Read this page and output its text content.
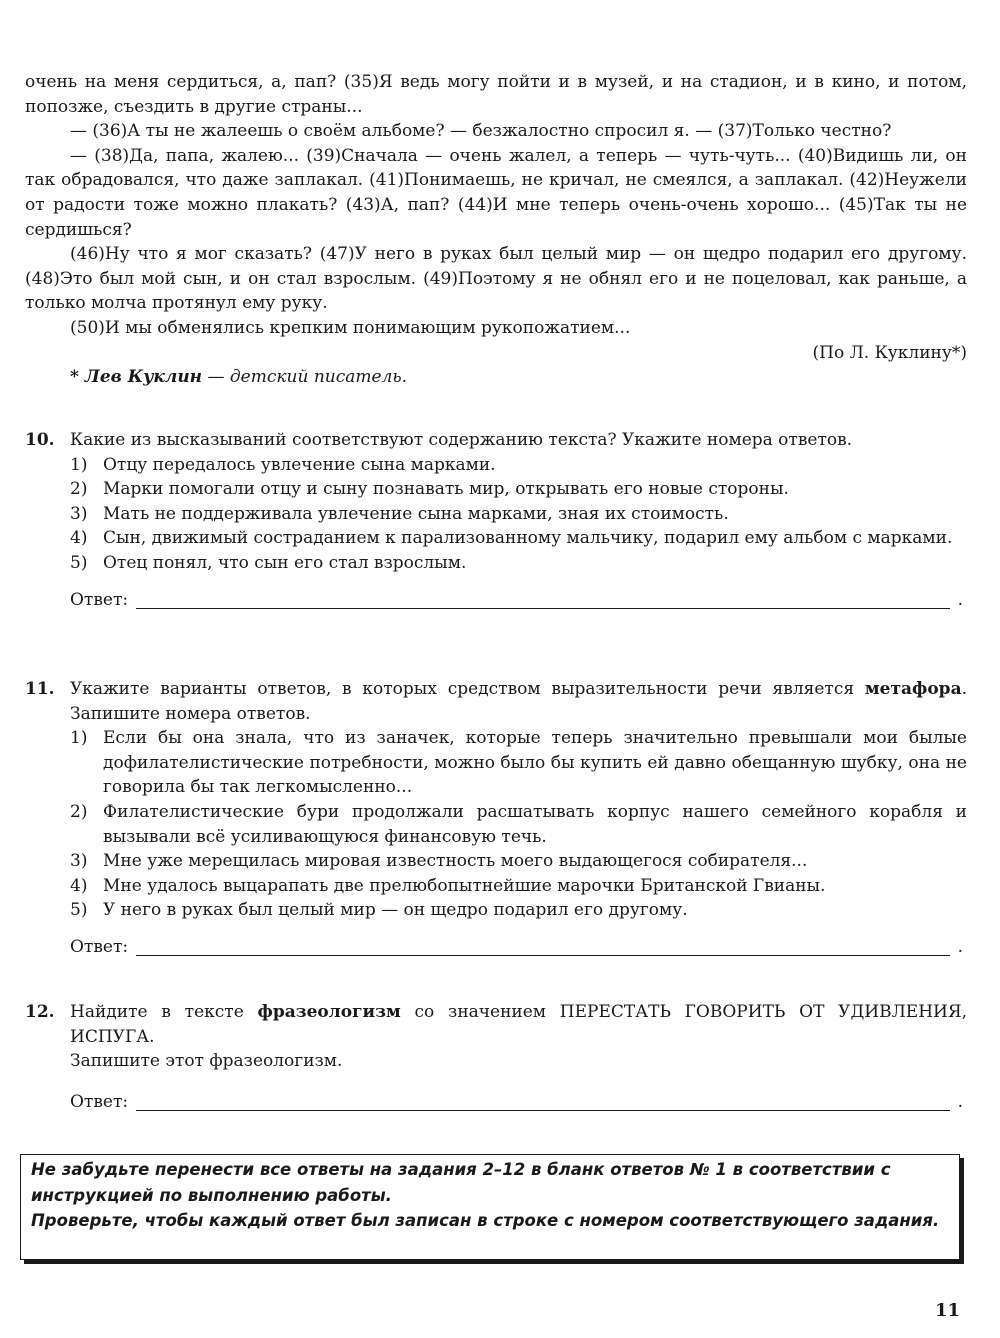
очень на меня сердиться, а, пап? (35)Я ведь могу пойти и в музей, и на стадион, и в кино, и потом, попозже, съездить в другие страны...

— (36)А ты не жалеешь о своём альбоме? — безжалостно спросил я. — (37)Только честно?

— (38)Да, папа, жалею... (39)Сначала — очень жалел, а теперь — чуть-чуть... (40)Видишь ли, он так обрадовался, что даже заплакал. (41)Понимаешь, не кричал, не смеялся, а заплакал. (42)Неужели от радости тоже можно плакать? (43)А, пап? (44)И мне теперь очень-очень хорошо... (45)Так ты не сердишься?

(46)Ну что я мог сказать? (47)У него в руках был целый мир — он щедро подарил его другому. (48)Это был мой сын, и он стал взрослым. (49)Поэтому я не обнял его и не поцеловал, как раньше, а только молча протянул ему руку.

(50)И мы обменялись крепким понимающим рукопожатием...

(По Л. Куклину*)

* Лев Куклин — детский писатель.

10. Какие из высказываний соответствуют содержанию текста? Укажите номера ответов.
1) Отцу передалось увлечение сына марками.
2) Марки помогали отцу и сыну познавать мир, открывать его новые стороны.
3) Мать не поддерживала увлечение сына марками, зная их стоимость.
4) Сын, движимый состраданием к парализованному мальчику, подарил ему альбом с марками.
5) Отец понял, что сын его стал взрослым.
Ответ:	.
11. Укажите варианты ответов, в которых средством выразительности речи является метафора. Запишите номера ответов.
1) Если бы она знала, что из заначек, которые теперь значительно превышали мои былые дофилателистические потребности, можно было бы купить ей давно обещанную шубку, она не говорила бы так легкомысленно...
2) Филателистические бури продолжали расшатывать корпус нашего семейного корабля и вызывали всё усиливающуюся финансовую течь.
3) Мне уже мерещилась мировая известность моего выдающегося собирателя...
4) Мне удалось выцарапать две прелюбопытнейшие марочки Британской Гвианы.
5) У него в руках был целый мир — он щедро подарил его другому.
Ответ:	.
12. Найдите в тексте фразеологизм со значением ПЕРЕСТАТЬ ГОВОРИТЬ ОТ УДИВЛЕНИЯ, ИСПУГА.
Запишите этот фразеологизм.
Ответ:	.

Не забудьте перенести все ответы на задания 2–12 в бланк ответов № 1 в соответствии с инструкцией по выполнению работы.

Проверьте, чтобы каждый ответ был записан в строке с номером соответствующего задания.

11
